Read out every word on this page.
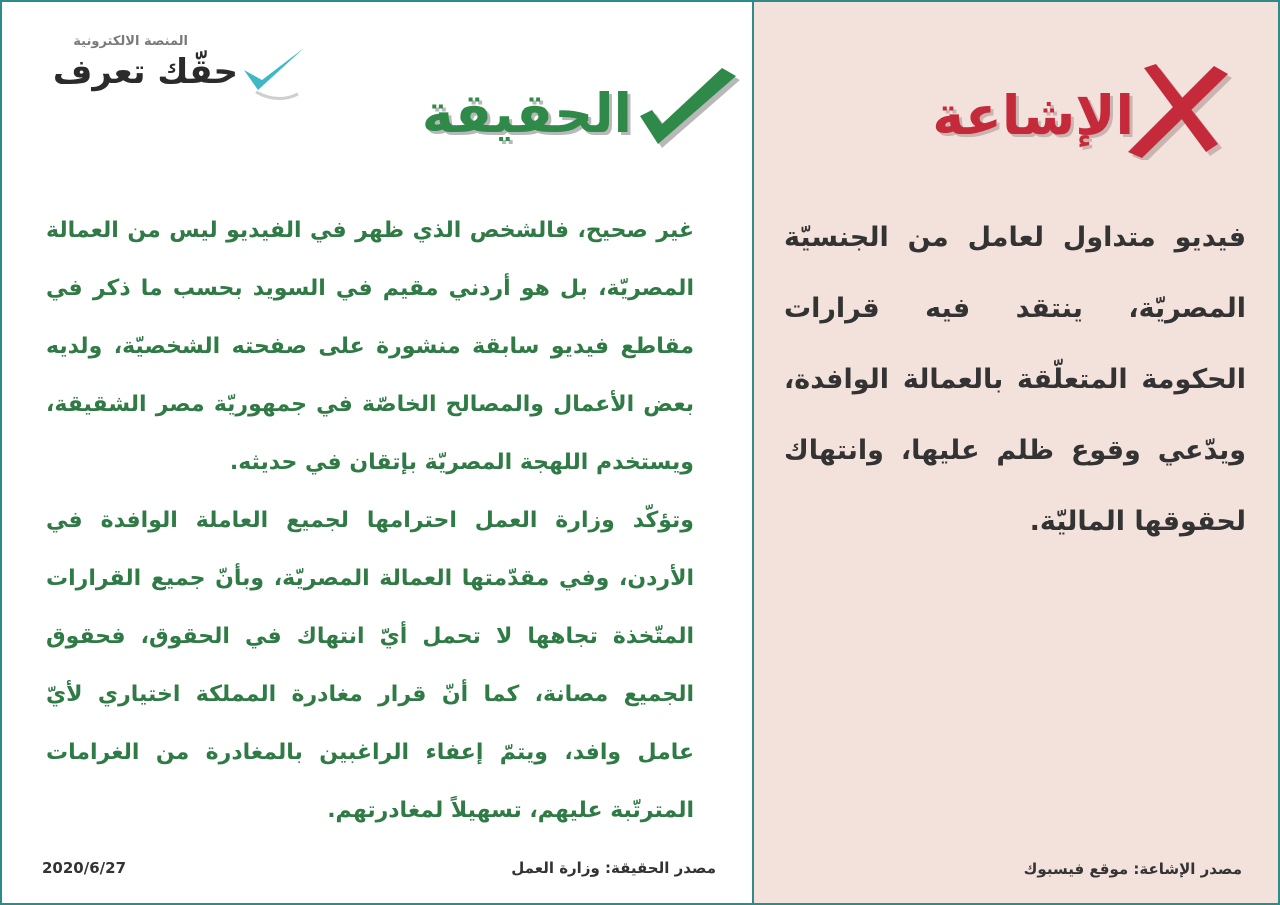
المنصة الالكترونية
حقّك تعرف
الحقيقة

غير صحيح، فالشخص الذي ظهر في الفيديو ليس من العمالة المصريّة، بل هو أردني مقيم في السويد بحسب ما ذكر في مقاطع فيديو سابقة منشورة على صفحته الشخصيّة، ولديه بعض الأعمال والمصالح الخاصّة في جمهوريّة مصر الشقيقة، ويستخدم اللهجة المصريّة بإتقان في حديثه.

وتؤكّد وزارة العمل احترامها لجميع العاملة الوافدة في الأردن، وفي مقدّمتها العمالة المصريّة، وبأنّ جميع القرارات المتّخذة تجاهها لا تحمل أيّ انتهاك في الحقوق، فحقوق الجميع مصانة، كما أنّ قرار مغادرة المملكة اختياري لأيّ عامل وافد، ويتمّ إعفاء الراغبين بالمغادرة من الغرامات المترتّبة عليهم، تسهيلاً لمغادرتهم.

2020/6/27	مصدر الحقيقة: وزارة العمل
الإشاعة
فيديو متداول لعامل من الجنسيّة المصريّة، ينتقد فيه قرارات الحكومة المتعلّقة بالعمالة الوافدة، ويدّعي وقوع ظلم عليها، وانتهاك لحقوقها الماليّة.
مصدر الإشاعة: موقع فيسبوك
